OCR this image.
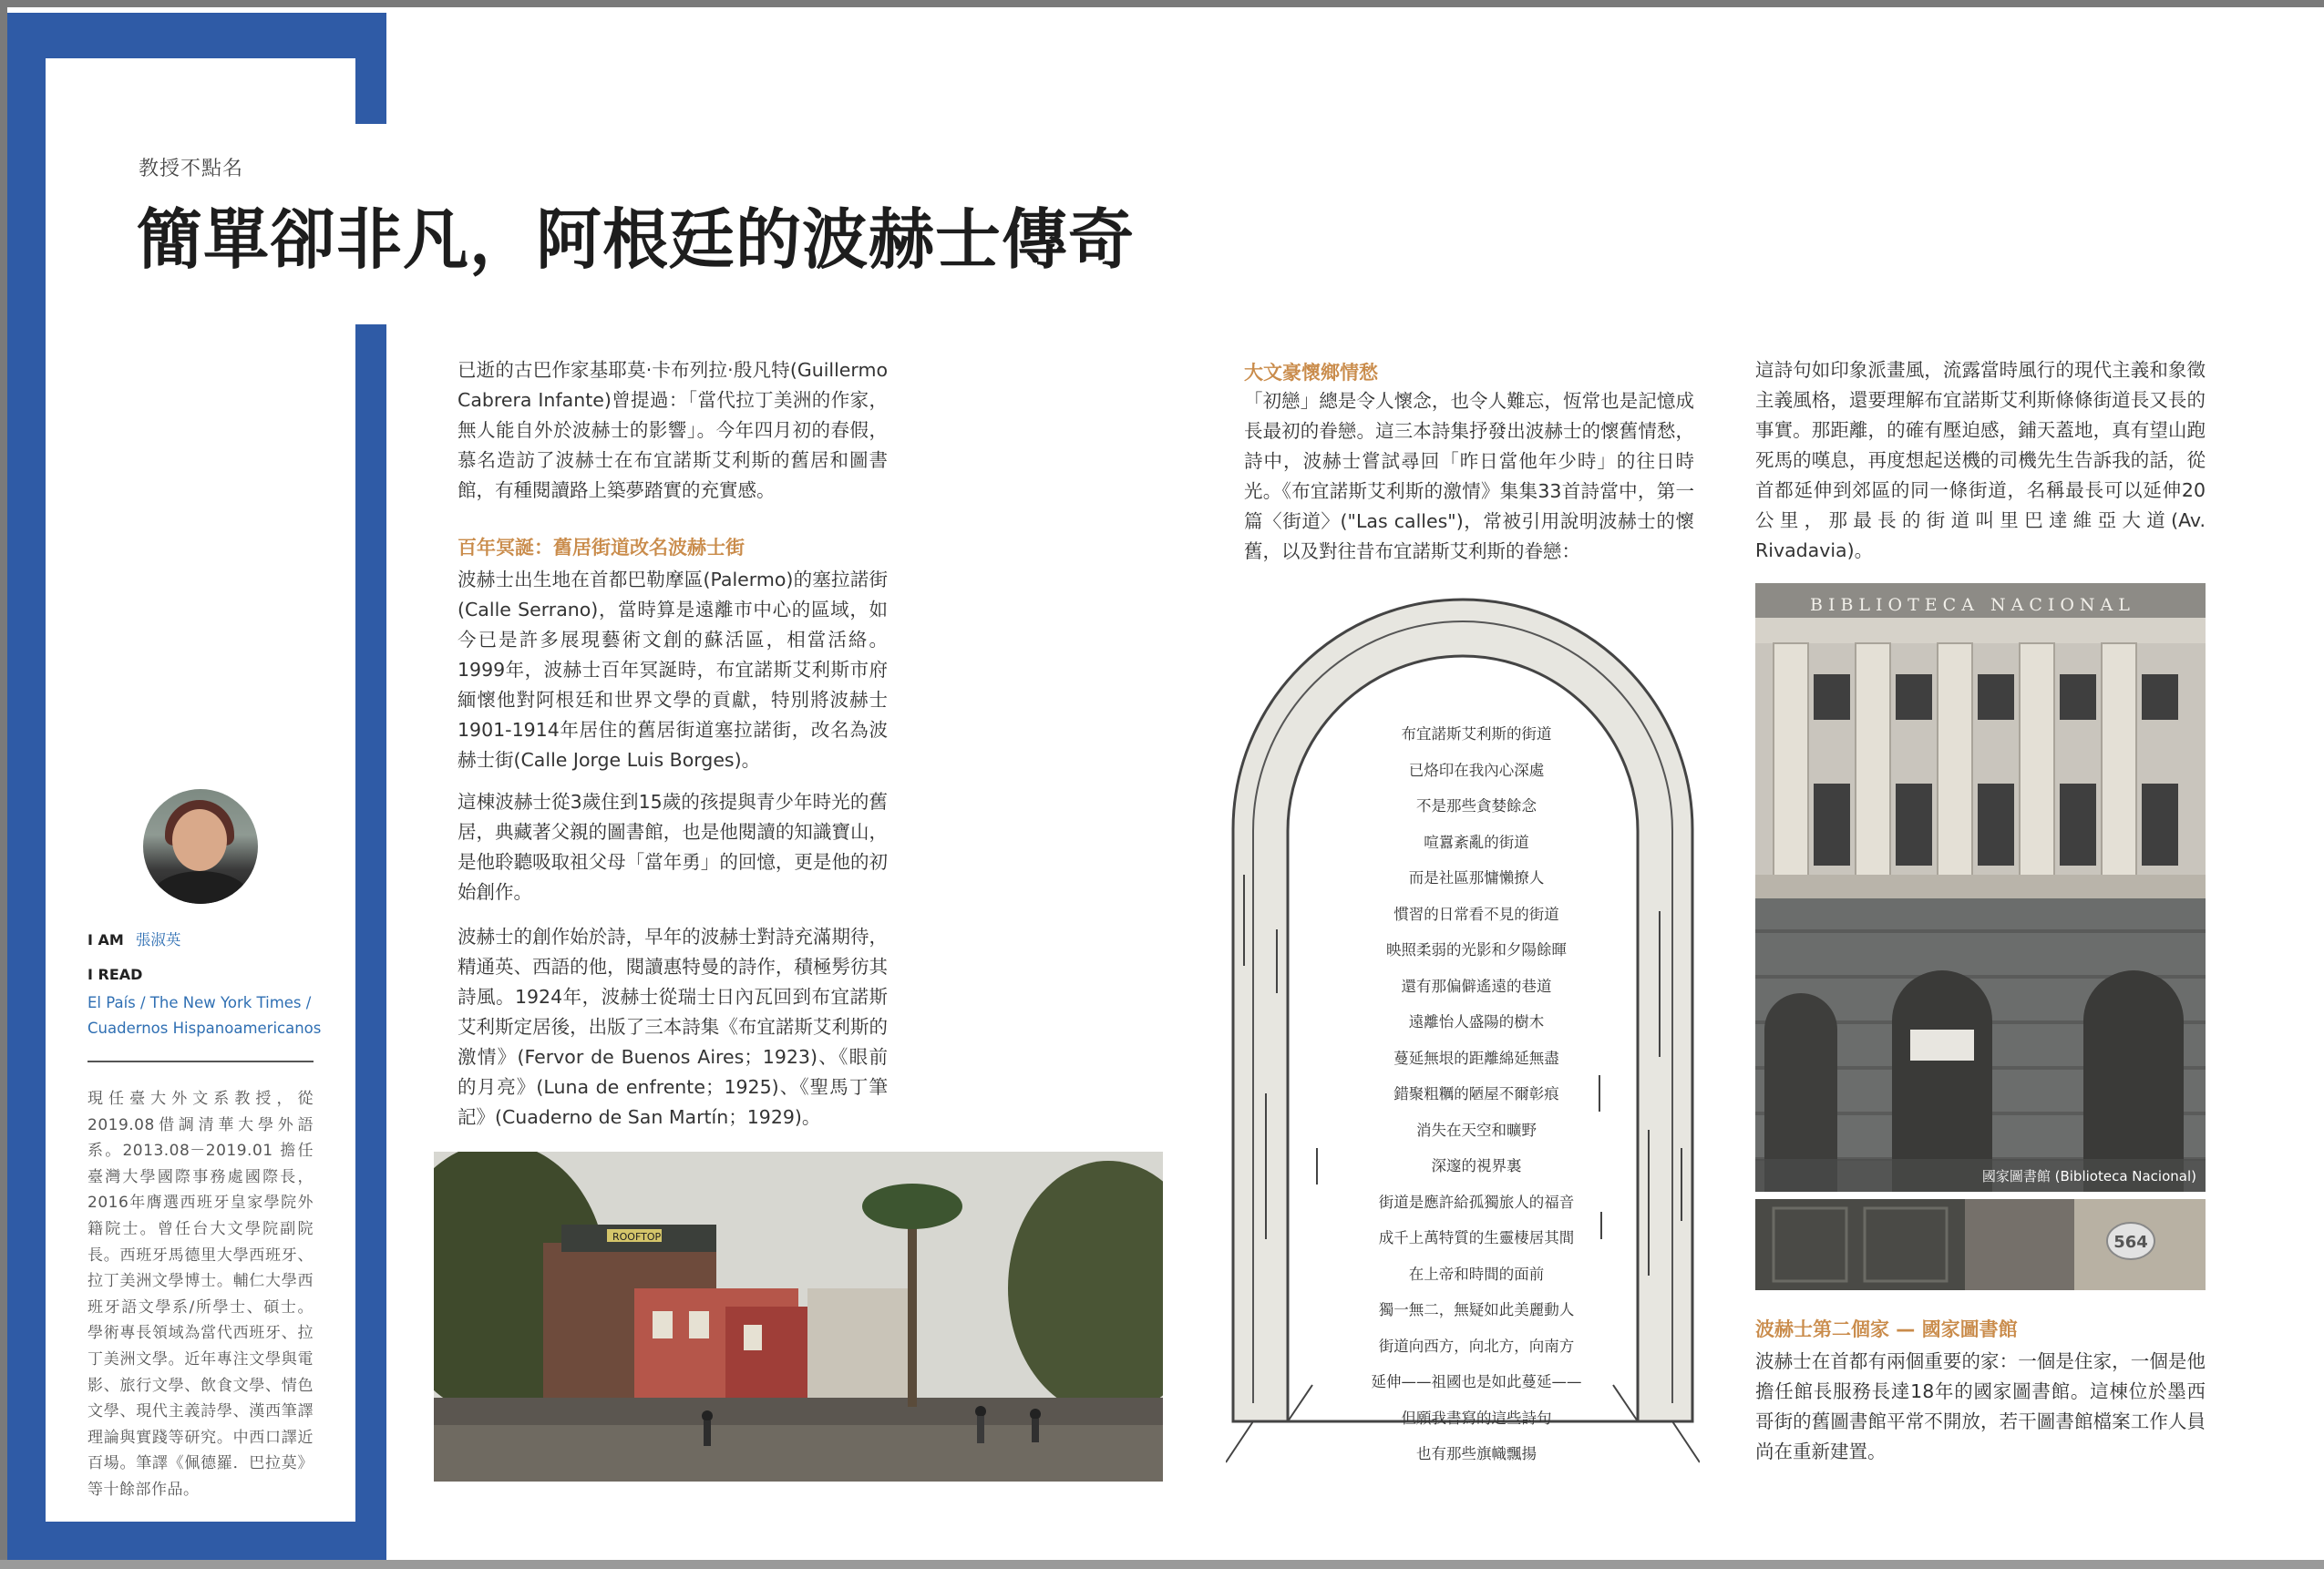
教授不點名
簡單卻非凡，阿根廷的波赫士傳奇
I AM 張淑英
I READ
El País / The New York Times /
Cuadernos Hispanoamericanos
現任臺大外文系教授，從2019.08借調清華大學外語系。2013.08－2019.01 擔任臺灣大學國際事務處國際長，2016年膺選西班牙皇家學院外籍院士。曾任台大文學院副院長。西班牙馬德里大學西班牙、拉丁美洲文學博士。輔仁大學西班牙語文學系/所學士、碩士。學術專長領域為當代西班牙、拉丁美洲文學。近年專注文學與電影、旅行文學、飲食文學、情色文學、現代主義詩學、漢西筆譯理論與實踐等研究。中西口譯近百場。筆譯《佩德羅．巴拉莫》等十餘部作品。
已逝的古巴作家基耶莫·卡布列拉·殷凡特(Guillermo Cabrera Infante)曾提過：「當代拉丁美洲的作家，無人能自外於波赫士的影響」。今年四月初的春假，慕名造訪了波赫士在布宜諾斯艾利斯的舊居和圖書館，有種閱讀路上築夢踏實的充實感。
百年冥誕：舊居街道改名波赫士街
波赫士出生地在首都巴勒摩區(Palermo)的塞拉諾街(Calle Serrano)，當時算是遠離市中心的區域，如今已是許多展現藝術文創的蘇活區，相當活絡。1999年，波赫士百年冥誕時，布宜諾斯艾利斯市府緬懷他對阿根廷和世界文學的貢獻，特別將波赫士1901-1914年居住的舊居街道塞拉諾街，改名為波赫士街(Calle Jorge Luis Borges)。
這棟波赫士從3歲住到15歲的孩提與青少年時光的舊居，典藏著父親的圖書館，也是他閱讀的知識寶山，是他聆聽吸取祖父母「當年勇」的回憶，更是他的初始創作。
波赫士的創作始於詩，早年的波赫士對詩充滿期待，精通英、西語的他，閱讀惠特曼的詩作，積極髣彷其詩風。1924年，波赫士從瑞士日內瓦回到布宜諾斯艾利斯定居後，出版了三本詩集《布宜諾斯艾利斯的激情》(Fervor de Buenos Aires；1923)、《眼前的月亮》(Luna de enfrente；1925)、《聖馬丁筆記》(Cuaderno de San Martín；1929)。
ROOFTOP
大文豪懷鄉情愁
「初戀」總是令人懷念，也令人難忘，恆常也是記憶成長最初的眷戀。這三本詩集抒發出波赫士的懷舊情愁，詩中，波赫士嘗試尋回「昨日當他年少時」的往日時光。《布宜諾斯艾利斯的激情》集集33首詩當中，第一篇〈街道〉("Las calles")，常被引用說明波赫士的懷舊，以及對往昔布宜諾斯艾利斯的眷戀：
布宜諾斯艾利斯的街道
已烙印在我內心深處
不是那些貪婪餘念
喧囂紊亂的街道
而是社區那慵懶撩人
慣習的日常看不見的街道
映照柔弱的光影和夕陽餘暉
還有那偏僻遙遠的巷道
遠離怡人盛陽的樹木
蔓延無垠的距離綿延無盡
錯聚粗糲的陋屋不爾彰痕
消失在天空和曠野
深邃的視界裏
街道是應許給孤獨旅人的福音
成千上萬特質的生靈棲居其間
在上帝和時間的面前
獨一無二，無疑如此美麗動人
街道向西方，向北方，向南方
延伸——祖國也是如此蔓延——
但願我書寫的這些詩句
也有那些旗幟飄揚
這詩句如印象派畫風，流露當時風行的現代主義和象徵主義風格，還要理解布宜諾斯艾利斯條條街道長又長的事實。那距離，的確有壓迫感，鋪天蓋地，真有望山跑死馬的嘆息，再度想起送機的司機先生告訴我的話，從首都延伸到郊區的同一條街道，名稱最長可以延伸20公里，那最長的街道叫里巴達維亞大道(Av. Rivadavia)。
BIBLIOTECA NACIONAL
國家圖書館 (Biblioteca Nacional)
564
波赫士第二個家 — 國家圖書館
波赫士在首都有兩個重要的家：一個是住家，一個是他擔任館長服務長達18年的國家圖書館。這棟位於墨西哥街的舊圖書館平常不開放，若干圖書館檔案工作人員尚在重新建置。
